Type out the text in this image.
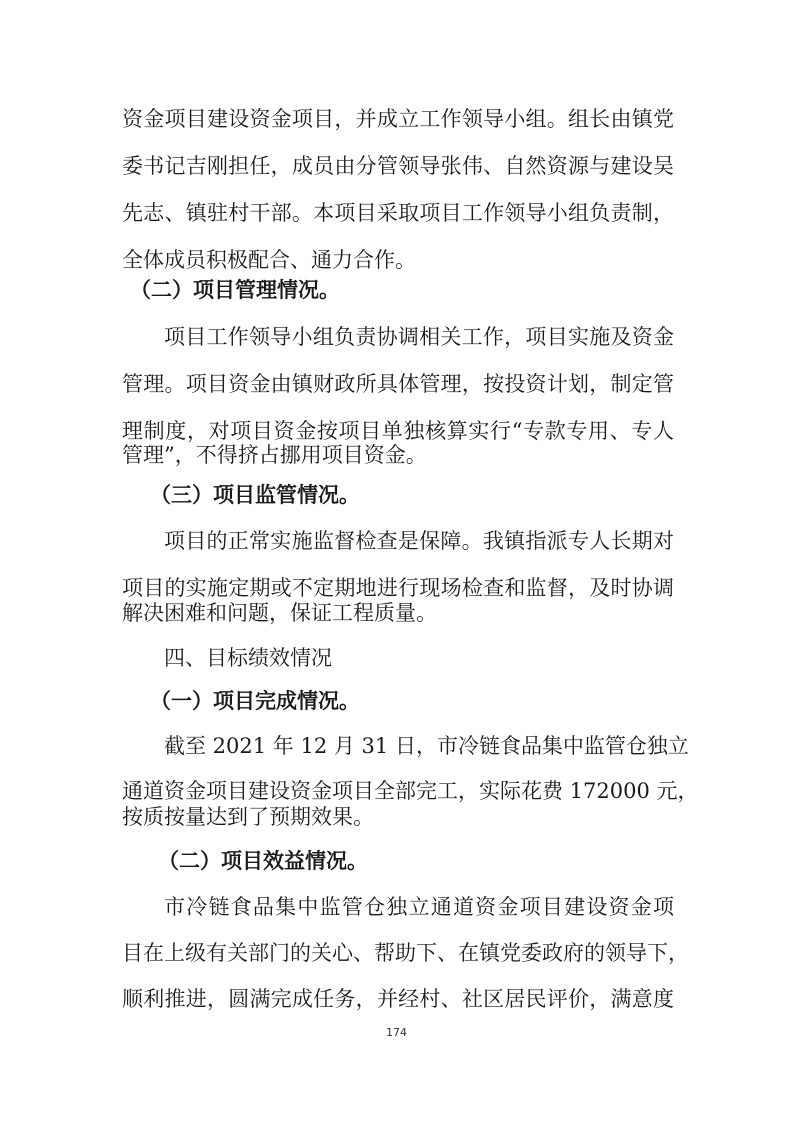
资金项目建设资金项目，并成立工作领导小组。组长由镇党
委书记吉刚担任，成员由分管领导张伟、自然资源与建设吴
先志、镇驻村干部。本项目采取项目工作领导小组负责制，
全体成员积极配合、通力合作。
（二）项目管理情况。
项目工作领导小组负责协调相关工作，项目实施及资金
管理。项目资金由镇财政所具体管理，按投资计划，制定管
理制度，对项目资金按项目单独核算实行“专款专用、专人
管理”，不得挤占挪用项目资金。
（三）项目监管情况。
项目的正常实施监督检查是保障。我镇指派专人长期对
项目的实施定期或不定期地进行现场检查和监督，及时协调
解决困难和问题，保证工程质量。
四、目标绩效情况
（一）项目完成情况。
截至 2021 年 12 月 31 日，市冷链食品集中监管仓独立
通道资金项目建设资金项目全部完工，实际花费 172000 元，
按质按量达到了预期效果。
（二）项目效益情况。
市冷链食品集中监管仓独立通道资金项目建设资金项
目在上级有关部门的关心、帮助下、在镇党委政府的领导下，
顺利推进，圆满完成任务，并经村、社区居民评价，满意度
174
